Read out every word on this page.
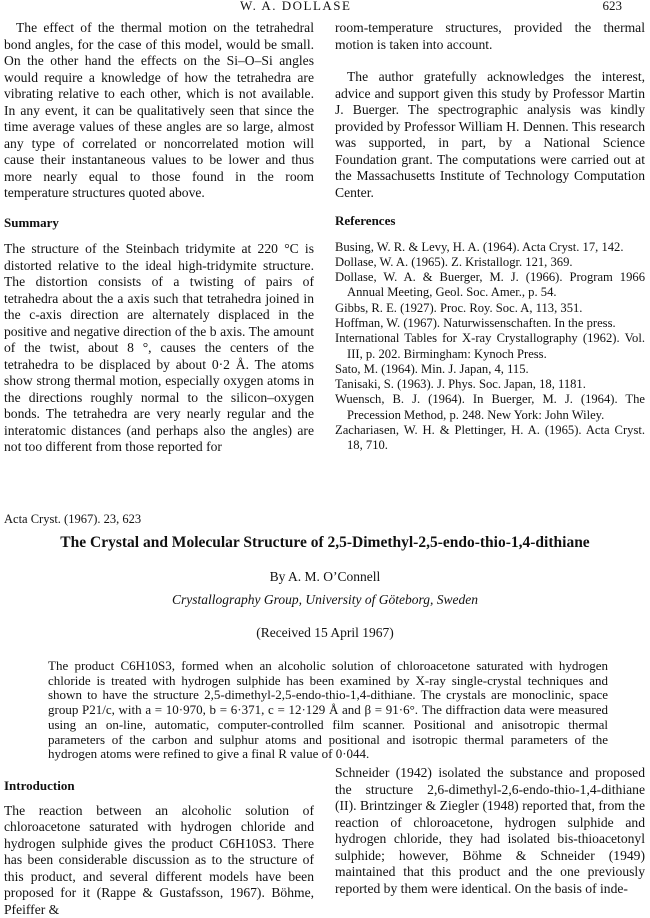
W. A. DOLLASE	623

The effect of the thermal motion on the tetrahedral bond angles, for the case of this model, would be small. On the other hand the effects on the Si–O–Si angles would require a knowledge of how the tetrahedra are vibrating relative to each other, which is not available. In any event, it can be qualitatively seen that since the time average values of these angles are so large, almost any type of correlated or noncorrelated motion will cause their instantaneous values to be lower and thus more nearly equal to those found in the room temperature structures quoted above.

Summary

The structure of the Steinbach tridymite at 220 °C is distorted relative to the ideal high-tridymite structure. The distortion consists of a twisting of pairs of tetrahedra about the a axis such that tetrahedra joined in the c-axis direction are alternately displaced in the positive and negative direction of the b axis. The amount of the twist, about 8 °, causes the centers of the tetrahedra to be displaced by about 0·2 Å. The atoms show strong thermal motion, especially oxygen atoms in the directions roughly normal to the silicon–oxygen bonds. The tetrahedra are very nearly regular and the interatomic distances (and perhaps also the angles) are not too different from those reported for

room-temperature structures, provided the thermal motion is taken into account.

The author gratefully acknowledges the interest, advice and support given this study by Professor Martin J. Buerger. The spectrographic analysis was kindly provided by Professor William H. Dennen. This research was supported, in part, by a National Science Foundation grant. The computations were carried out at the Massachusetts Institute of Technology Computation Center.

References

Busing, W. R. & Levy, H. A. (1964). Acta Cryst. 17, 142.

Dollase, W. A. (1965). Z. Kristallogr. 121, 369.

Dollase, W. A. & Buerger, M. J. (1966). Program 1966 Annual Meeting, Geol. Soc. Amer., p. 54.

Gibbs, R. E. (1927). Proc. Roy. Soc. A, 113, 351.

Hoffman, W. (1967). Naturwissenschaften. In the press.

International Tables for X-ray Crystallography (1962). Vol. III, p. 202. Birmingham: Kynoch Press.

Sato, M. (1964). Min. J. Japan, 4, 115.

Tanisaki, S. (1963). J. Phys. Soc. Japan, 18, 1181.

Wuensch, B. J. (1964). In Buerger, M. J. (1964). The Precession Method, p. 248. New York: John Wiley.

Zachariasen, W. H. & Plettinger, H. A. (1965). Acta Cryst. 18, 710.

Acta Cryst. (1967). 23, 623
The Crystal and Molecular Structure of 2,5-Dimethyl-2,5-endo-thio-1,4-dithiane
By A. M. O’Connell
Crystallography Group, University of Göteborg, Sweden
(Received 15 April 1967)

The product C6H10S3, formed when an alcoholic solution of chloroacetone saturated with hydrogen chloride is treated with hydrogen sulphide has been examined by X-ray single-crystal techniques and shown to have the structure 2,5-dimethyl-2,5-endo-thio-1,4-dithiane. The crystals are monoclinic, space group P21/c, with a = 10·970, b = 6·371, c = 12·129 Å and β = 91·6°. The diffraction data were measured using an on-line, automatic, computer-controlled film scanner. Positional and anisotropic thermal parameters of the carbon and sulphur atoms and positional and isotropic thermal parameters of the hydrogen atoms were refined to give a final R value of 0·044.

Introduction

The reaction between an alcoholic solution of chloroacetone saturated with hydrogen chloride and hydrogen sulphide gives the product C6H10S3. There has been considerable discussion as to the structure of this product, and several different models have been proposed for it (Rappe & Gustafsson, 1967). Böhme, Pfeiffer &

Schneider (1942) isolated the substance and proposed the structure 2,6-dimethyl-2,6-endo-thio-1,4-dithiane (II). Brintzinger & Ziegler (1948) reported that, from the reaction of chloroacetone, hydrogen sulphide and hydrogen chloride, they had isolated bis-thioacetonyl sulphide; however, Böhme & Schneider (1949) maintained that this product and the one previously reported by them were identical. On the basis of inde-
